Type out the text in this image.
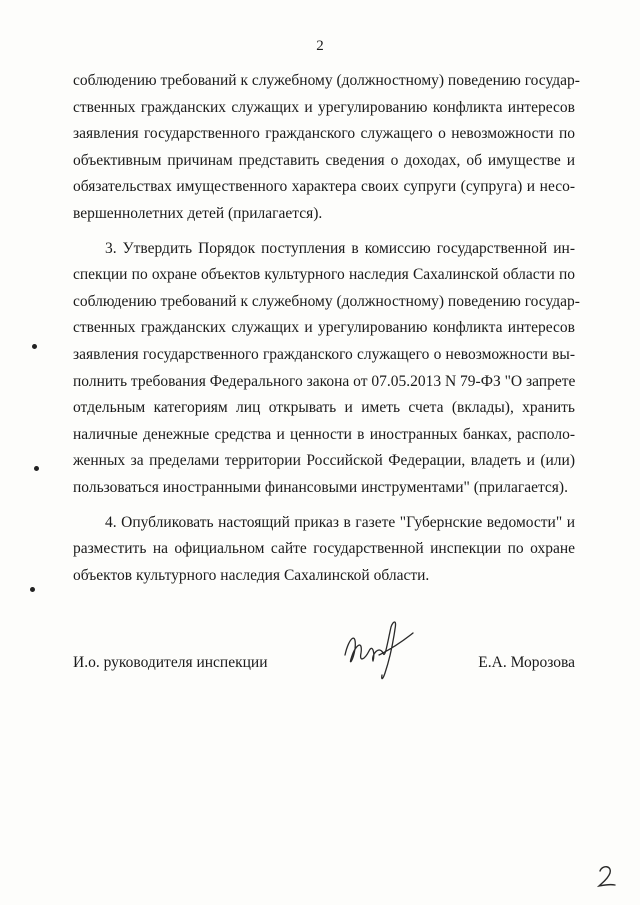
2
соблюдению требований к служебному (должностному) поведению государ-
ственных гражданских служащих и урегулированию конфликта интересов
заявления государственного гражданского служащего о невозможности по
объективным причинам представить сведения о доходах, об имуществе и
обязательствах имущественного характера своих супруги (супруга) и несо-
вершеннолетних детей (прилагается).
3. Утвердить Порядок поступления в комиссию государственной ин-
спекции по охране объектов культурного наследия Сахалинской области по
соблюдению требований к служебному (должностному) поведению государ-
ственных гражданских служащих и урегулированию конфликта интересов
заявления государственного гражданского служащего о невозможности вы-
полнить требования Федерального закона от 07.05.2013 N 79-ФЗ "О запрете
отдельным категориям лиц открывать и иметь счета (вклады), хранить
наличные денежные средства и ценности в иностранных банках, располо-
женных за пределами территории Российской Федерации, владеть и (или)
пользоваться иностранными финансовыми инструментами" (прилагается).
4. Опубликовать настоящий приказ в газете "Губернские ведомости" и
разместить на официальном сайте государственной инспекции по охране
объектов культурного наследия Сахалинской области.
И.о. руководителя инспекции	Е.А. Морозова
